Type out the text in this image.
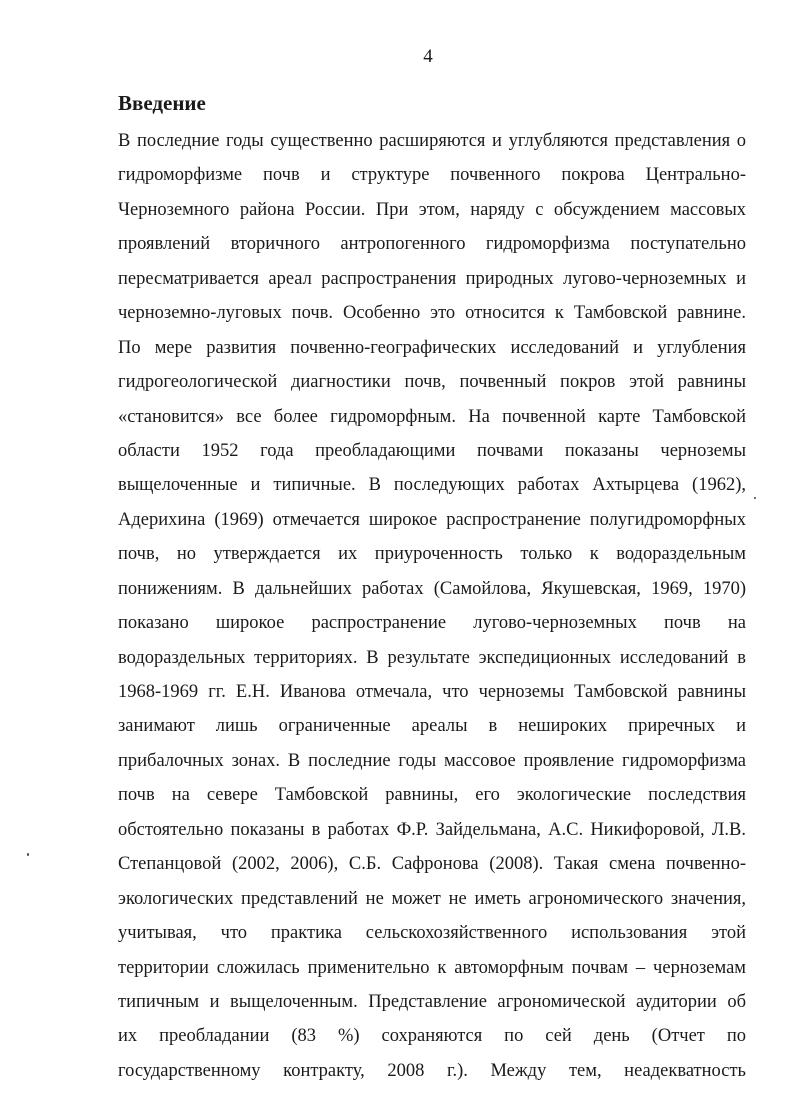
4
Введение
В последние годы существенно расширяются и углубляются представления о
гидроморфизме почв и структуре почвенного покрова Центрально-
Черноземного района России. При этом, наряду с обсуждением массовых
проявлений вторичного антропогенного гидроморфизма поступательно
пересматривается ареал распространения природных лугово-черноземных и
черноземно-луговых почв. Особенно это относится к Тамбовской равнине.
По мере развития почвенно-географических исследований и углубления
гидрогеологической диагностики почв, почвенный покров этой равнины
«становится» все более гидроморфным. На почвенной карте Тамбовской
области 1952 года преобладающими почвами показаны черноземы
выщелоченные и типичные. В последующих работах Ахтырцева (1962),
Адерихина (1969) отмечается широкое распространение полугидроморфных
почв, но утверждается их приуроченность только к водораздельным
понижениям. В дальнейших работах (Самойлова, Якушевская, 1969, 1970)
показано широкое распространение лугово-черноземных почв на
водораздельных территориях. В результате экспедиционных исследований в
1968-1969 гг. Е.Н. Иванова отмечала, что черноземы Тамбовской равнины
занимают лишь ограниченные ареалы в нешироких приречных и
прибалочных зонах. В последние годы массовое проявление гидроморфизма
почв на севере Тамбовской равнины, его экологические последствия
обстоятельно показаны в работах Ф.Р. Зайдельмана, А.С. Никифоровой, Л.В.
Степанцовой (2002, 2006), С.Б. Сафронова (2008). Такая смена почвенно-
экологических представлений не может не иметь агрономического значения,
учитывая, что практика сельскохозяйственного использования этой
территории сложилась применительно к автоморфным почвам – черноземам
типичным и выщелоченным. Представление агрономической аудитории об
их преобладании (83 %) сохраняются по сей день (Отчет по
государственному контракту, 2008 г.). Между тем, неадекватность
